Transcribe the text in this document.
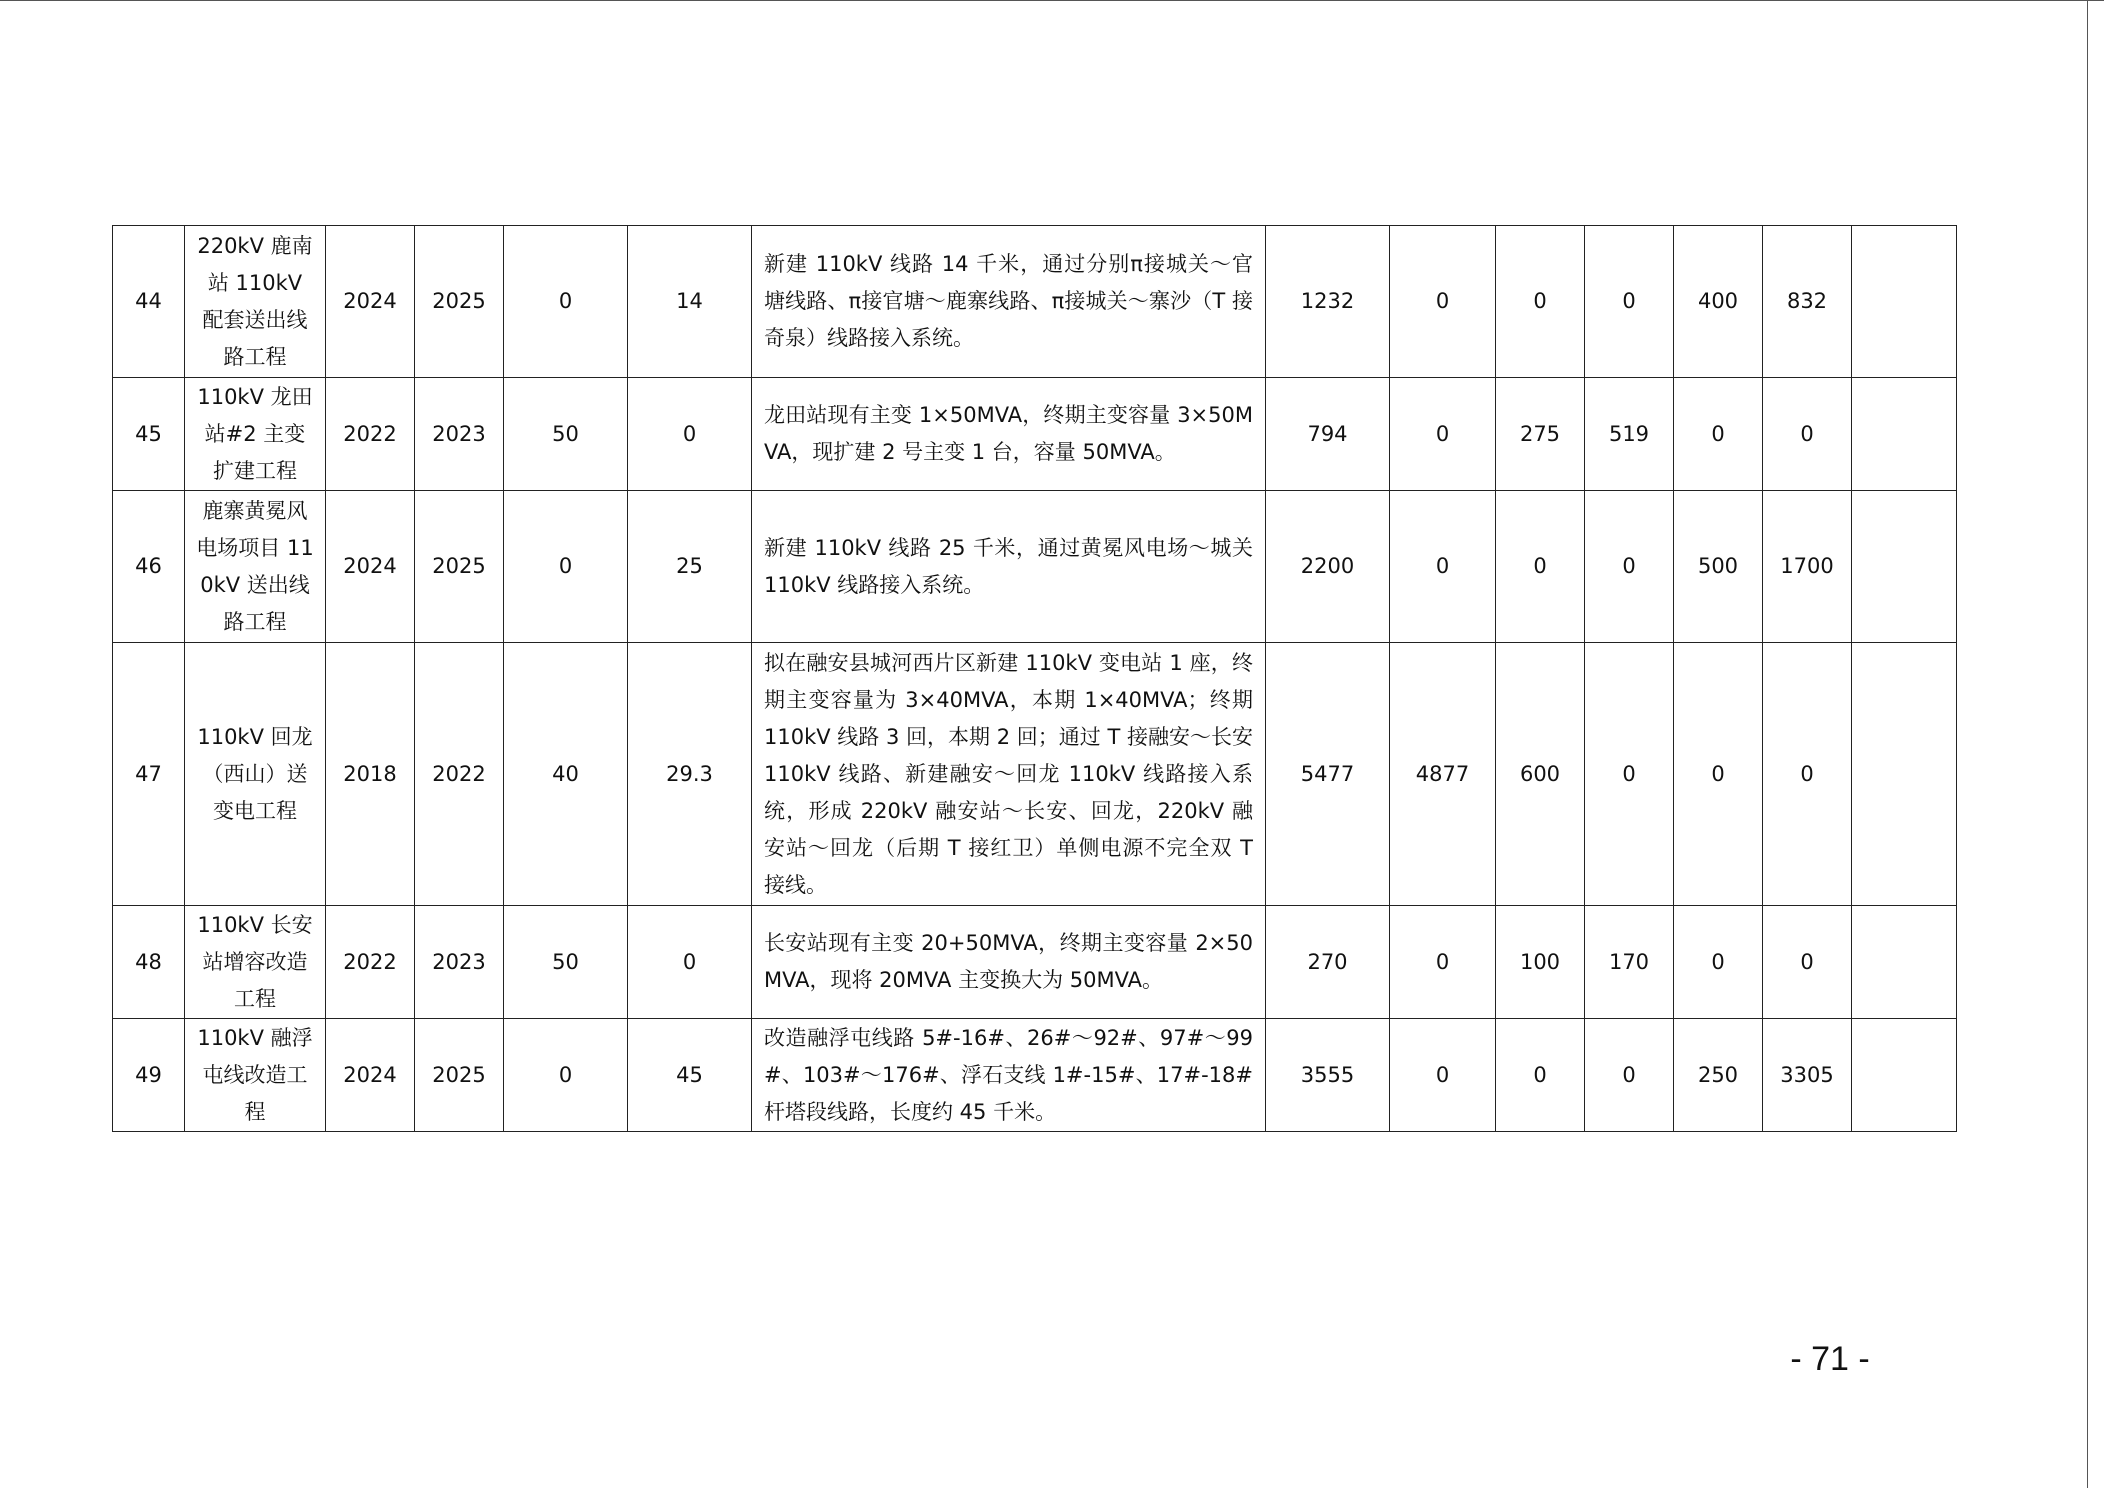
44	220kV 鹿南站 110kV 配套送出线路工程	2024	2025	0	14	新建 110kV 线路 14 千米，通过分别π接城关～官塘线路、π接官塘～鹿寨线路、π接城关～寨沙（T 接奇泉）线路接入系统。	1232	0	0	0	400	832	
45	110kV 龙田站#2 主变扩建工程	2022	2023	50	0	龙田站现有主变 1×50MVA，终期主变容量 3×50MVA，现扩建 2 号主变 1 台，容量 50MVA。	794	0	275	519	0	0	
46	鹿寨黄冕风电场项目 110kV 送出线路工程	2024	2025	0	25	新建 110kV 线路 25 千米，通过黄冕风电场～城关 110kV 线路接入系统。	2200	0	0	0	500	1700	
47	110kV 回龙（西山）送变电工程	2018	2022	40	29.3	拟在融安县城河西片区新建 110kV 变电站 1 座，终期主变容量为 3×40MVA，本期 1×40MVA；终期 110kV 线路 3 回，本期 2 回；通过 T 接融安～长安 110kV 线路、新建融安～回龙 110kV 线路接入系统，形成 220kV 融安站～长安、回龙，220kV 融安站～回龙（后期 T 接红卫）单侧电源不完全双 T 接线。	5477	4877	600	0	0	0	
48	110kV 长安站增容改造工程	2022	2023	50	0	长安站现有主变 20+50MVA，终期主变容量 2×50MVA，现将 20MVA 主变换大为 50MVA。	270	0	100	170	0	0	
49	110kV 融浮屯线改造工程	2024	2025	0	45	改造融浮屯线路 5#-16#、26#～92#、97#～99#、103#～176#、浮石支线 1#-15#、17#-18#杆塔段线路，长度约 45 千米。	3555	0	0	0	250	3305	
- 71 -
